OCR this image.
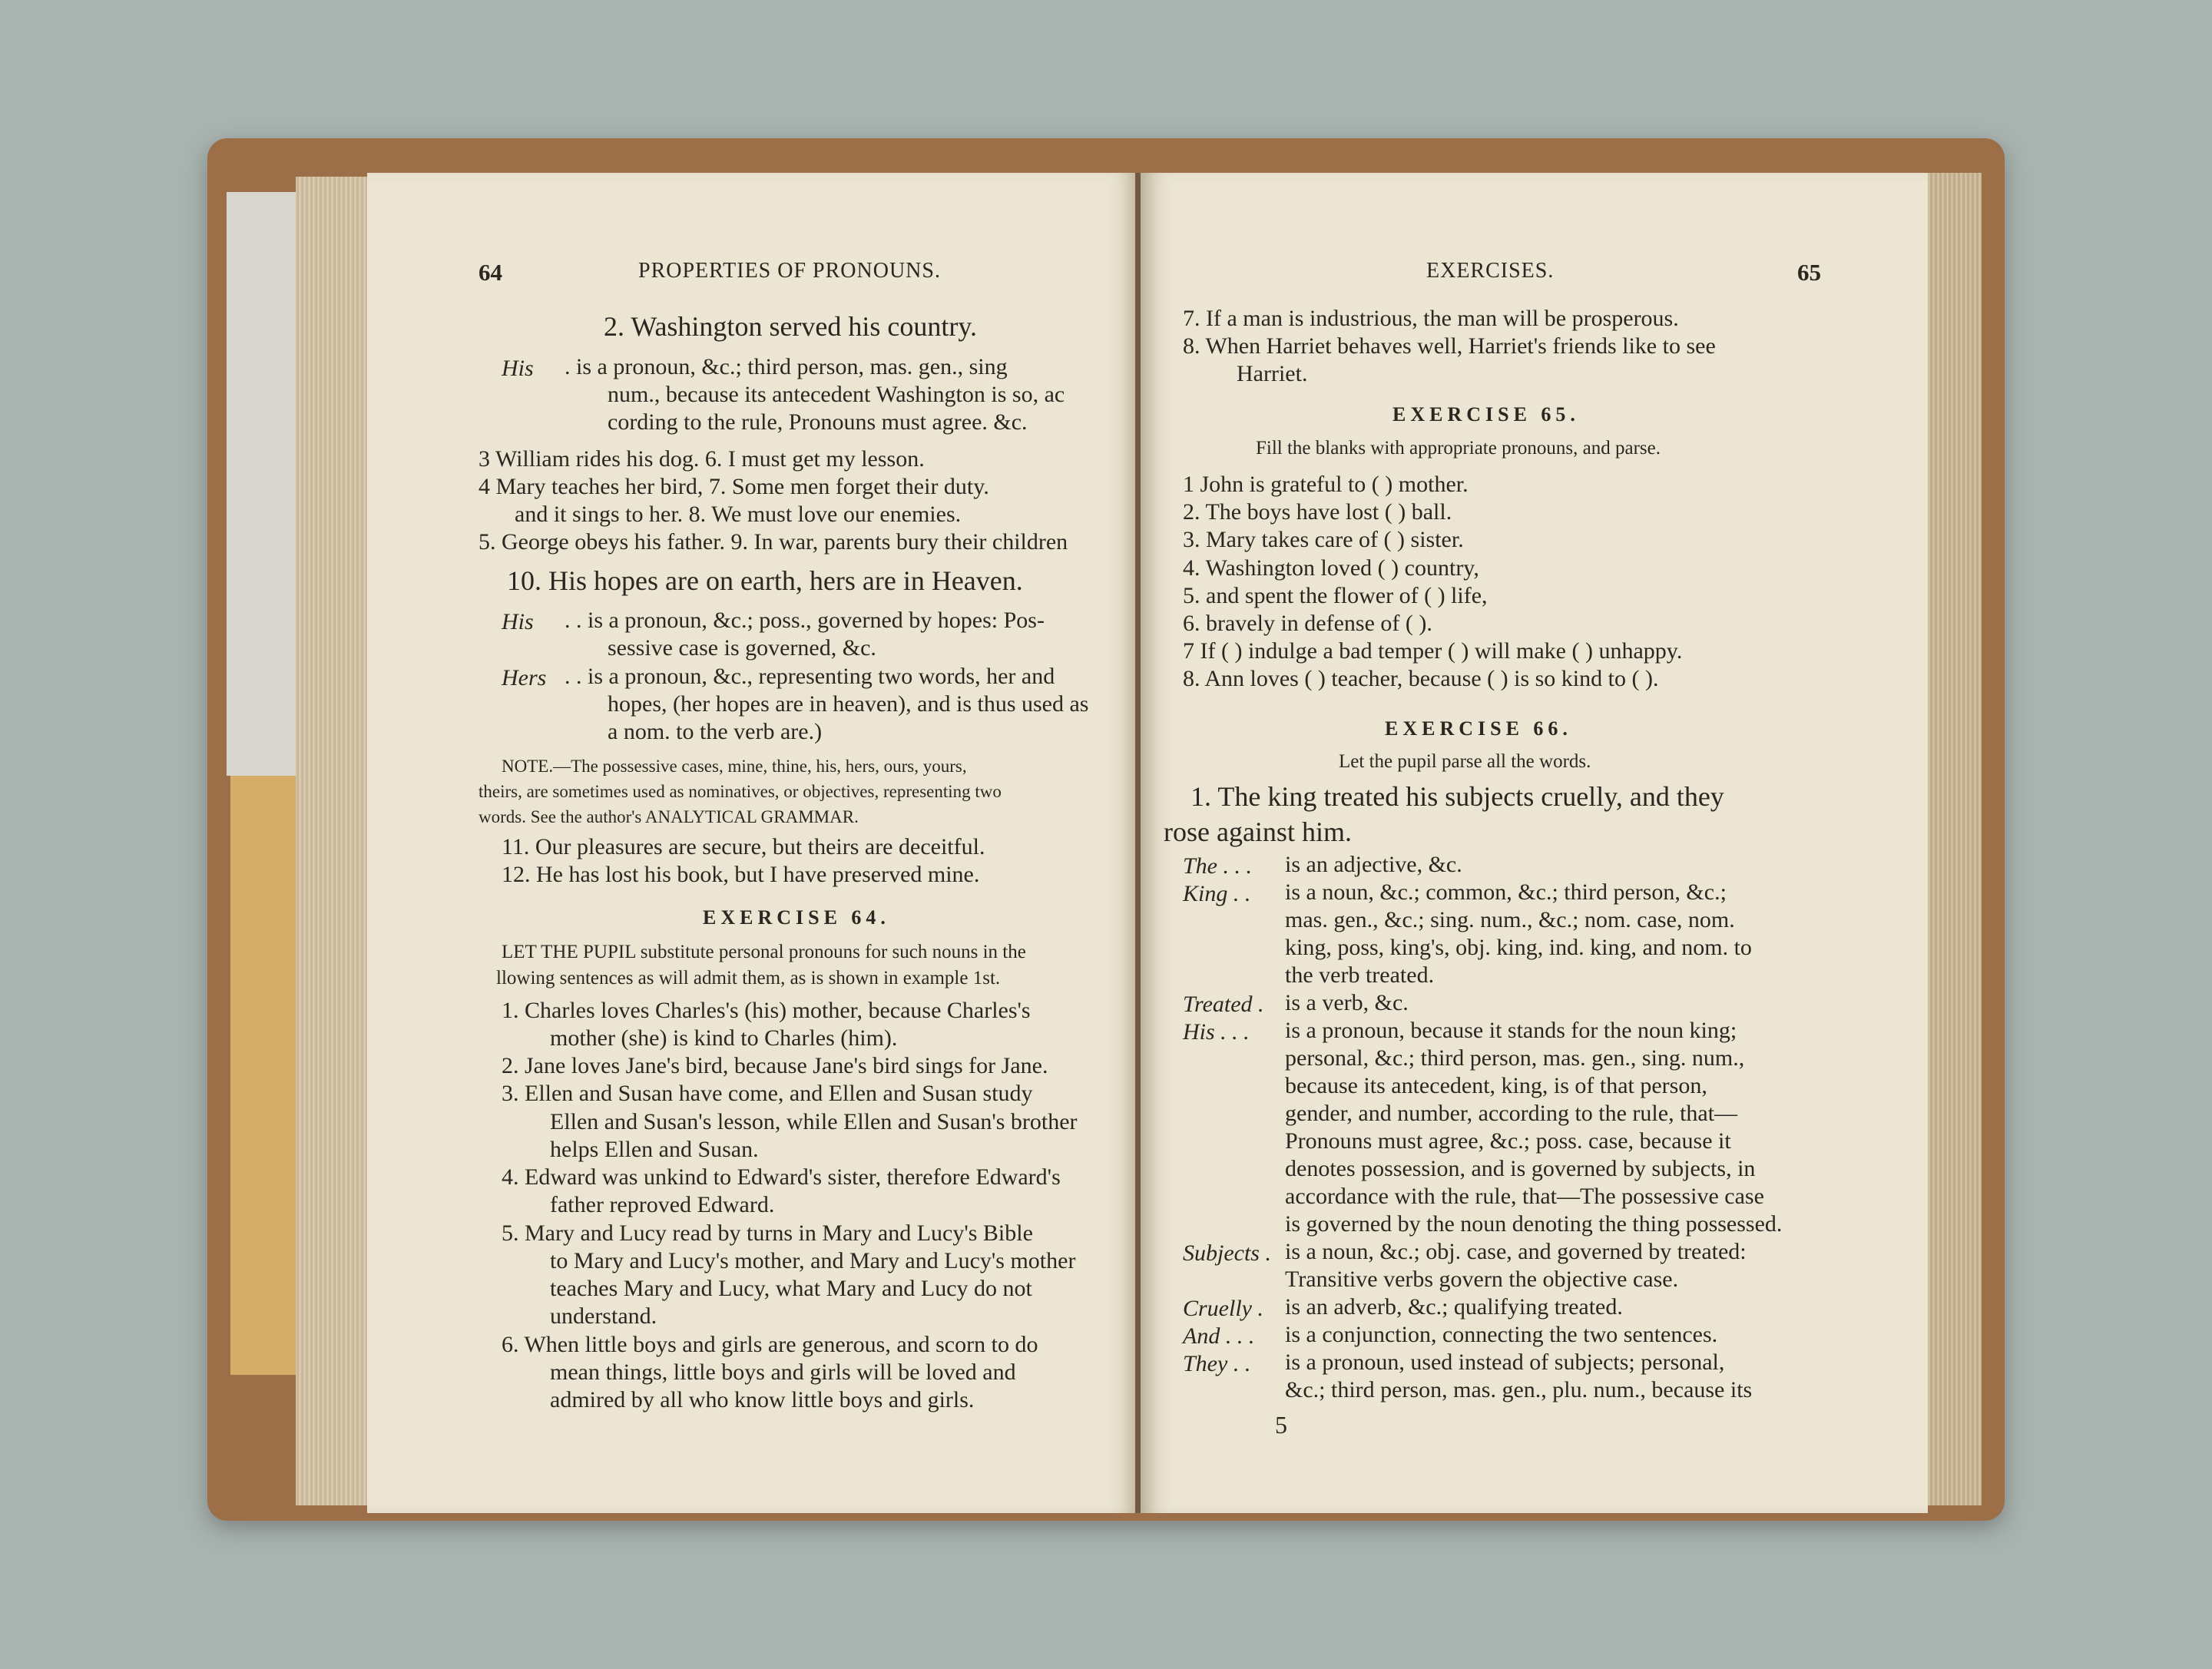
64	PROPERTIES OF PRONOUNS.
2. Washington served his country.
His . is a pronoun, &c.; third person, mas. gen., sing
num., because its antecedent Washington is so, ac
cording to the rule, Pronouns must agree. &c.
3 William rides his dog. 6. I must get my lesson.
4 Mary teaches her bird, 7. Some men forget their duty.
and it sings to her. 8. We must love our enemies.
5. George obeys his father. 9. In war, parents bury their children
10. His hopes are on earth, hers are in Heaven.
His . . is a pronoun, &c.; poss., governed by hopes: Pos-
sessive case is governed, &c.
Hers . . is a pronoun, &c., representing two words, her and
hopes, (her hopes are in heaven), and is thus used as
a nom. to the verb are.)
NOTE.—The possessive cases, mine, thine, his, hers, ours, yours,
theirs, are sometimes used as nominatives, or objectives, representing two
words. See the author's ANALYTICAL GRAMMAR.
11. Our pleasures are secure, but theirs are deceitful.
12. He has lost his book, but I have preserved mine.
EXERCISE 64.
LET THE PUPIL substitute personal pronouns for such nouns in the
llowing sentences as will admit them, as is shown in example 1st.
1. Charles loves Charles's (his) mother, because Charles's
mother (she) is kind to Charles (him).
2. Jane loves Jane's bird, because Jane's bird sings for Jane.
3. Ellen and Susan have come, and Ellen and Susan study
Ellen and Susan's lesson, while Ellen and Susan's brother
helps Ellen and Susan.
4. Edward was unkind to Edward's sister, therefore Edward's
father reproved Edward.
5. Mary and Lucy read by turns in Mary and Lucy's Bible
to Mary and Lucy's mother, and Mary and Lucy's mother
teaches Mary and Lucy, what Mary and Lucy do not
understand.
6. When little boys and girls are generous, and scorn to do
mean things, little boys and girls will be loved and
admired by all who know little boys and girls.
EXERCISES.	65
7. If a man is industrious, the man will be prosperous.
8. When Harriet behaves well, Harriet's friends like to see
Harriet.
EXERCISE 65.
Fill the blanks with appropriate pronouns, and parse.
1 John is grateful to ( ) mother.
2. The boys have lost ( ) ball.
3. Mary takes care of ( ) sister.
4. Washington loved ( ) country,
5. and spent the flower of ( ) life,
6. bravely in defense of ( ).
7 If ( ) indulge a bad temper ( ) will make ( ) unhappy.
8. Ann loves ( ) teacher, because ( ) is so kind to ( ).
EXERCISE 66.
Let the pupil parse all the words.
1. The king treated his subjects cruelly, and they
rose against him.
The . . . is an adjective, &c.
King . . is a noun, &c.; common, &c.; third person, &c.;
mas. gen., &c.; sing. num., &c.; nom. case, nom.
king, poss, king's, obj. king, ind. king, and nom. to
the verb treated.
Treated . is a verb, &c.
His . . . is a pronoun, because it stands for the noun king;
personal, &c.; third person, mas. gen., sing. num.,
because its antecedent, king, is of that person,
gender, and number, according to the rule, that—
Pronouns must agree, &c.; poss. case, because it
denotes possession, and is governed by subjects, in
accordance with the rule, that—The possessive case
is governed by the noun denoting the thing possessed.
Subjects . is a noun, &c.; obj. case, and governed by treated:
Transitive verbs govern the objective case.
Cruelly . is an adverb, &c.; qualifying treated.
And . . . is a conjunction, connecting the two sentences.
They . . is a pronoun, used instead of subjects; personal,
&c.; third person, mas. gen., plu. num., because its
5
